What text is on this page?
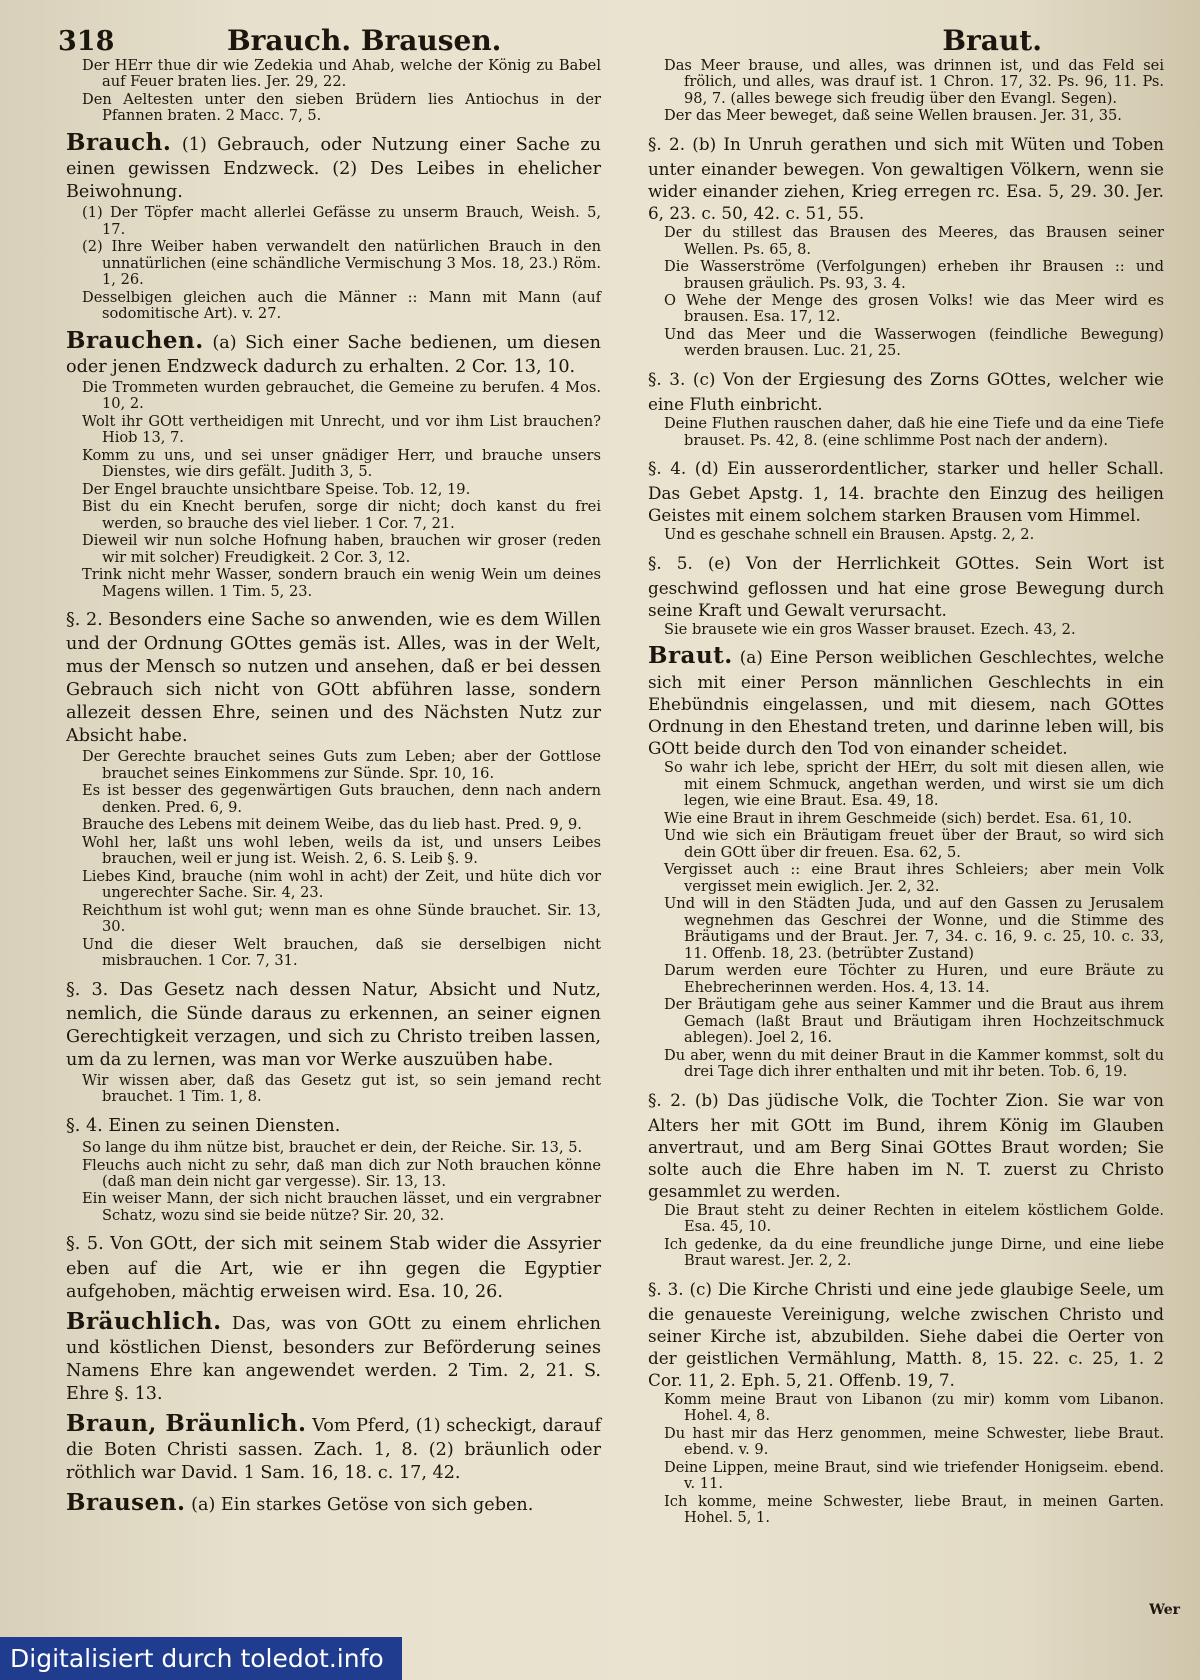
318	Brauch. Brausen.	Braut.

Der HErr thue dir wie Zedekia und Ahab, welche der König zu Babel auf Feuer braten lies. Jer. 29, 22.

Den Aeltesten unter den sieben Brüdern lies Antiochus in der Pfannen braten. 2 Macc. 7, 5.

Brauch. (1) Gebrauch, oder Nutzung einer Sache zu einen gewissen Endzweck. (2) Des Leibes in ehelicher Beiwohnung.

(1) Der Töpfer macht allerlei Gefässe zu unserm Brauch, Weish. 5, 17.

(2) Ihre Weiber haben verwandelt den natürlichen Brauch in den unnatürlichen (eine schändliche Vermischung 3 Mos. 18, 23.) Röm. 1, 26.

Desselbigen gleichen auch die Männer :: Mann mit Mann (auf sodomitische Art). v. 27.

Brauchen. (a) Sich einer Sache bedienen, um diesen oder jenen Endzweck dadurch zu erhalten. 2 Cor. 13, 10.

Die Trommeten wurden gebrauchet, die Gemeine zu berufen. 4 Mos. 10, 2.

Wolt ihr GOtt vertheidigen mit Unrecht, und vor ihm List brauchen? Hiob 13, 7.

Komm zu uns, und sei unser gnädiger Herr, und brauche unsers Dienstes, wie dirs gefält. Judith 3, 5.

Der Engel brauchte unsichtbare Speise. Tob. 12, 19.

Bist du ein Knecht berufen, sorge dir nicht; doch kanst du frei werden, so brauche des viel lieber. 1 Cor. 7, 21.

Dieweil wir nun solche Hofnung haben, brauchen wir groser (reden wir mit solcher) Freudigkeit. 2 Cor. 3, 12.

Trink nicht mehr Wasser, sondern brauch ein wenig Wein um deines Magens willen. 1 Tim. 5, 23.

§. 2. Besonders eine Sache so anwenden, wie es dem Willen und der Ordnung GOttes gemäs ist. Alles, was in der Welt, mus der Mensch so nutzen und ansehen, daß er bei dessen Gebrauch sich nicht von GOtt abführen lasse, sondern allezeit dessen Ehre, seinen und des Nächsten Nutz zur Absicht habe.

Der Gerechte brauchet seines Guts zum Leben; aber der Gottlose brauchet seines Einkommens zur Sünde. Spr. 10, 16.

Es ist besser des gegenwärtigen Guts brauchen, denn nach andern denken. Pred. 6, 9.

Brauche des Lebens mit deinem Weibe, das du lieb hast. Pred. 9, 9.

Wohl her, laßt uns wohl leben, weils da ist, und unsers Leibes brauchen, weil er jung ist. Weish. 2, 6. S. Leib §. 9.

Liebes Kind, brauche (nim wohl in acht) der Zeit, und hüte dich vor ungerechter Sache. Sir. 4, 23.

Reichthum ist wohl gut; wenn man es ohne Sünde brauchet. Sir. 13, 30.

Und die dieser Welt brauchen, daß sie derselbigen nicht misbrauchen. 1 Cor. 7, 31.

§. 3. Das Gesetz nach dessen Natur, Absicht und Nutz, nemlich, die Sünde daraus zu erkennen, an seiner eignen Gerechtigkeit verzagen, und sich zu Christo treiben lassen, um da zu lernen, was man vor Werke auszuüben habe.

Wir wissen aber, daß das Gesetz gut ist, so sein jemand recht brauchet. 1 Tim. 1, 8.

§. 4. Einen zu seinen Diensten.

So lange du ihm nütze bist, brauchet er dein, der Reiche. Sir. 13, 5.

Fleuchs auch nicht zu sehr, daß man dich zur Noth brauchen könne (daß man dein nicht gar vergesse). Sir. 13, 13.

Ein weiser Mann, der sich nicht brauchen lässet, und ein vergrabner Schatz, wozu sind sie beide nütze? Sir. 20, 32.

§. 5. Von GOtt, der sich mit seinem Stab wider die Assyrier eben auf die Art, wie er ihn gegen die Egyptier aufgehoben, mächtig erweisen wird. Esa. 10, 26.

Bräuchlich. Das, was von GOtt zu einem ehrlichen und köstlichen Dienst, besonders zur Beförderung seines Namens Ehre kan angewendet werden. 2 Tim. 2, 21. S. Ehre §. 13.

Braun, Bräunlich. Vom Pferd, (1) scheckigt, darauf die Boten Christi sassen. Zach. 1, 8. (2) bräunlich oder röthlich war David. 1 Sam. 16, 18. c. 17, 42.

Brausen. (a) Ein starkes Getöse von sich geben.

Das Meer brause, und alles, was drinnen ist, und das Feld sei frölich, und alles, was drauf ist. 1 Chron. 17, 32. Ps. 96, 11. Ps. 98, 7. (alles bewege sich freudig über den Evangl. Segen).

Der das Meer beweget, daß seine Wellen brausen. Jer. 31, 35.

§. 2. (b) In Unruh gerathen und sich mit Wüten und Toben unter einander bewegen. Von gewaltigen Völkern, wenn sie wider einander ziehen, Krieg erregen rc. Esa. 5, 29. 30. Jer. 6, 23. c. 50, 42. c. 51, 55.

Der du stillest das Brausen des Meeres, das Brausen seiner Wellen. Ps. 65, 8.

Die Wasserströme (Verfolgungen) erheben ihr Brausen :: und brausen gräulich. Ps. 93, 3. 4.

O Wehe der Menge des grosen Volks! wie das Meer wird es brausen. Esa. 17, 12.

Und das Meer und die Wasserwogen (feindliche Bewegung) werden brausen. Luc. 21, 25.

§. 3. (c) Von der Ergiesung des Zorns GOttes, welcher wie eine Fluth einbricht.

Deine Fluthen rauschen daher, daß hie eine Tiefe und da eine Tiefe brauset. Ps. 42, 8. (eine schlimme Post nach der andern).

§. 4. (d) Ein ausserordentlicher, starker und heller Schall. Das Gebet Apstg. 1, 14. brachte den Einzug des heiligen Geistes mit einem solchem starken Brausen vom Himmel.

Und es geschahe schnell ein Brausen. Apstg. 2, 2.

§. 5. (e) Von der Herrlichkeit GOttes. Sein Wort ist geschwind geflossen und hat eine grose Bewegung durch seine Kraft und Gewalt verursacht.

Sie brausete wie ein gros Wasser brauset. Ezech. 43, 2.

Braut. (a) Eine Person weiblichen Geschlechtes, welche sich mit einer Person männlichen Geschlechts in ein Ehebündnis eingelassen, und mit diesem, nach GOttes Ordnung in den Ehestand treten, und darinne leben will, bis GOtt beide durch den Tod von einander scheidet.

So wahr ich lebe, spricht der HErr, du solt mit diesen allen, wie mit einem Schmuck, angethan werden, und wirst sie um dich legen, wie eine Braut. Esa. 49, 18.

Wie eine Braut in ihrem Geschmeide (sich) berdet. Esa. 61, 10.

Und wie sich ein Bräutigam freuet über der Braut, so wird sich dein GOtt über dir freuen. Esa. 62, 5.

Vergisset auch :: eine Braut ihres Schleiers; aber mein Volk vergisset mein ewiglich. Jer. 2, 32.

Und will in den Städten Juda, und auf den Gassen zu Jerusalem wegnehmen das Geschrei der Wonne, und die Stimme des Bräutigams und der Braut. Jer. 7, 34. c. 16, 9. c. 25, 10. c. 33, 11. Offenb. 18, 23. (betrübter Zustand)

Darum werden eure Töchter zu Huren, und eure Bräute zu Ehebrecherinnen werden. Hos. 4, 13. 14.

Der Bräutigam gehe aus seiner Kammer und die Braut aus ihrem Gemach (laßt Braut und Bräutigam ihren Hochzeitschmuck ablegen). Joel 2, 16.

Du aber, wenn du mit deiner Braut in die Kammer kommst, solt du drei Tage dich ihrer enthalten und mit ihr beten. Tob. 6, 19.

§. 2. (b) Das jüdische Volk, die Tochter Zion. Sie war von Alters her mit GOtt im Bund, ihrem König im Glauben anvertraut, und am Berg Sinai GOttes Braut worden; Sie solte auch die Ehre haben im N. T. zuerst zu Christo gesammlet zu werden.

Die Braut steht zu deiner Rechten in eitelem köstlichem Golde. Esa. 45, 10.

Ich gedenke, da du eine freundliche junge Dirne, und eine liebe Braut warest. Jer. 2, 2.

§. 3. (c) Die Kirche Christi und eine jede glaubige Seele, um die genaueste Vereinigung, welche zwischen Christo und seiner Kirche ist, abzubilden. Siehe dabei die Oerter von der geistlichen Vermählung, Matth. 8, 15. 22. c. 25, 1. 2 Cor. 11, 2. Eph. 5, 21. Offenb. 19, 7.

Komm meine Braut von Libanon (zu mir) komm vom Libanon. Hohel. 4, 8.

Du hast mir das Herz genommen, meine Schwester, liebe Braut. ebend. v. 9.

Deine Lippen, meine Braut, sind wie triefender Honigseim. ebend. v. 11.

Ich komme, meine Schwester, liebe Braut, in meinen Garten. Hohel. 5, 1.

Wer
Digitalisiert durch toledot.info
